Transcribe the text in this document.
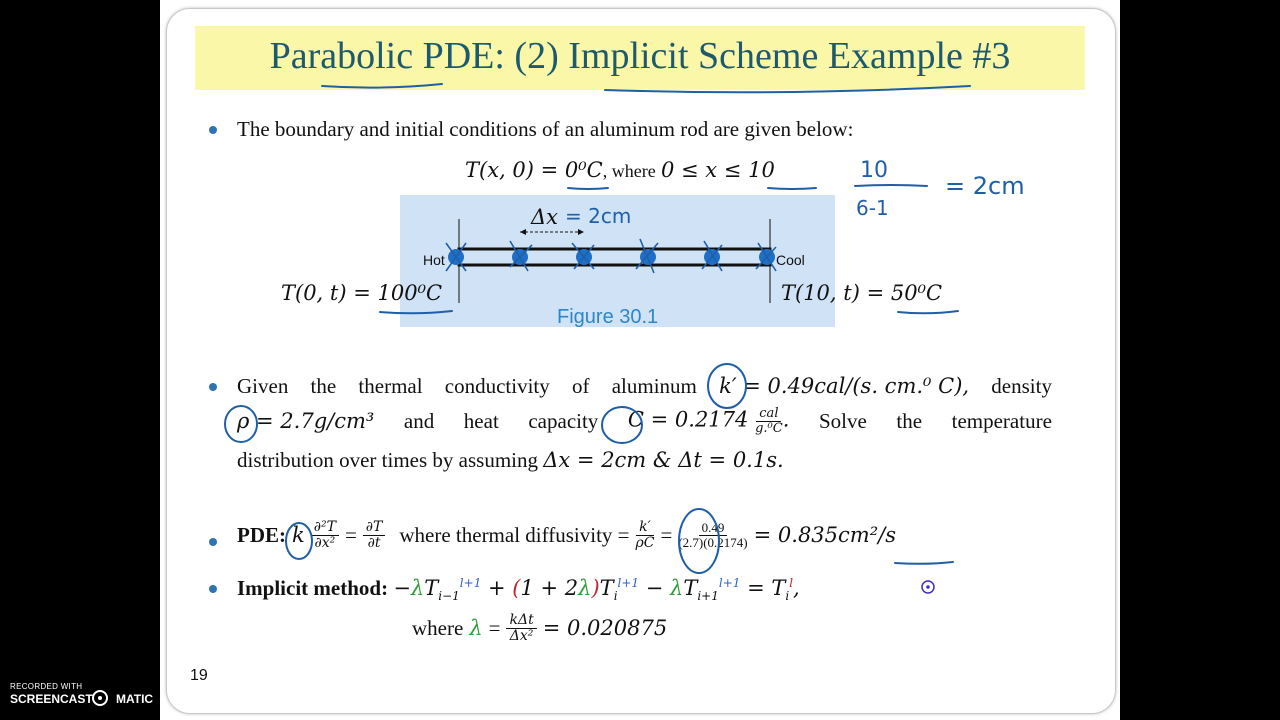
Parabolic PDE: (2) Implicit Scheme Example #3
The boundary and initial conditions of an aluminum rod are given below:
T(x, 0) = 0⁰C, where 0 ≤ x ≤ 10
Δx
Hot	Cool
Figure 30.1
T(0, t) = 100⁰C	T(10, t) = 50⁰C
Given the thermal conductivity of aluminum k′ = 0.49cal/(s. cm.⁰ C), density
ρ = 2.7g/cm³ and heat capacity $C = 0.2174 \frac{\text{cal}}{\text{g.⁰C}}$ . Solve the temperature
distribution over times by assuming Δx = 2cm & Δt = 0.1s.
PDE: k $\frac{\text{∂²T}}{\text{∂x²}} = \frac{\partial T}{\partial t}$ where thermal diffusivity = $\frac{k'}{\rho C} = \frac{0.49}{(2.7)(0.2174)} = 0.835cm^2/s$
Implicit method: $-\lambda T_{i-1}^{l+1} + (1 + 2\lambda)T_i^{l+1} - \lambda T_{i+1}^{l+1} = T_i^l$,
where $\lambda = \frac{\text{kΔt}}{\text{Δx²}} = 0.020875$
10
6-1
= 2cm
= 2cm
19
RECORDED WITH
SCREENCAST MATIC
